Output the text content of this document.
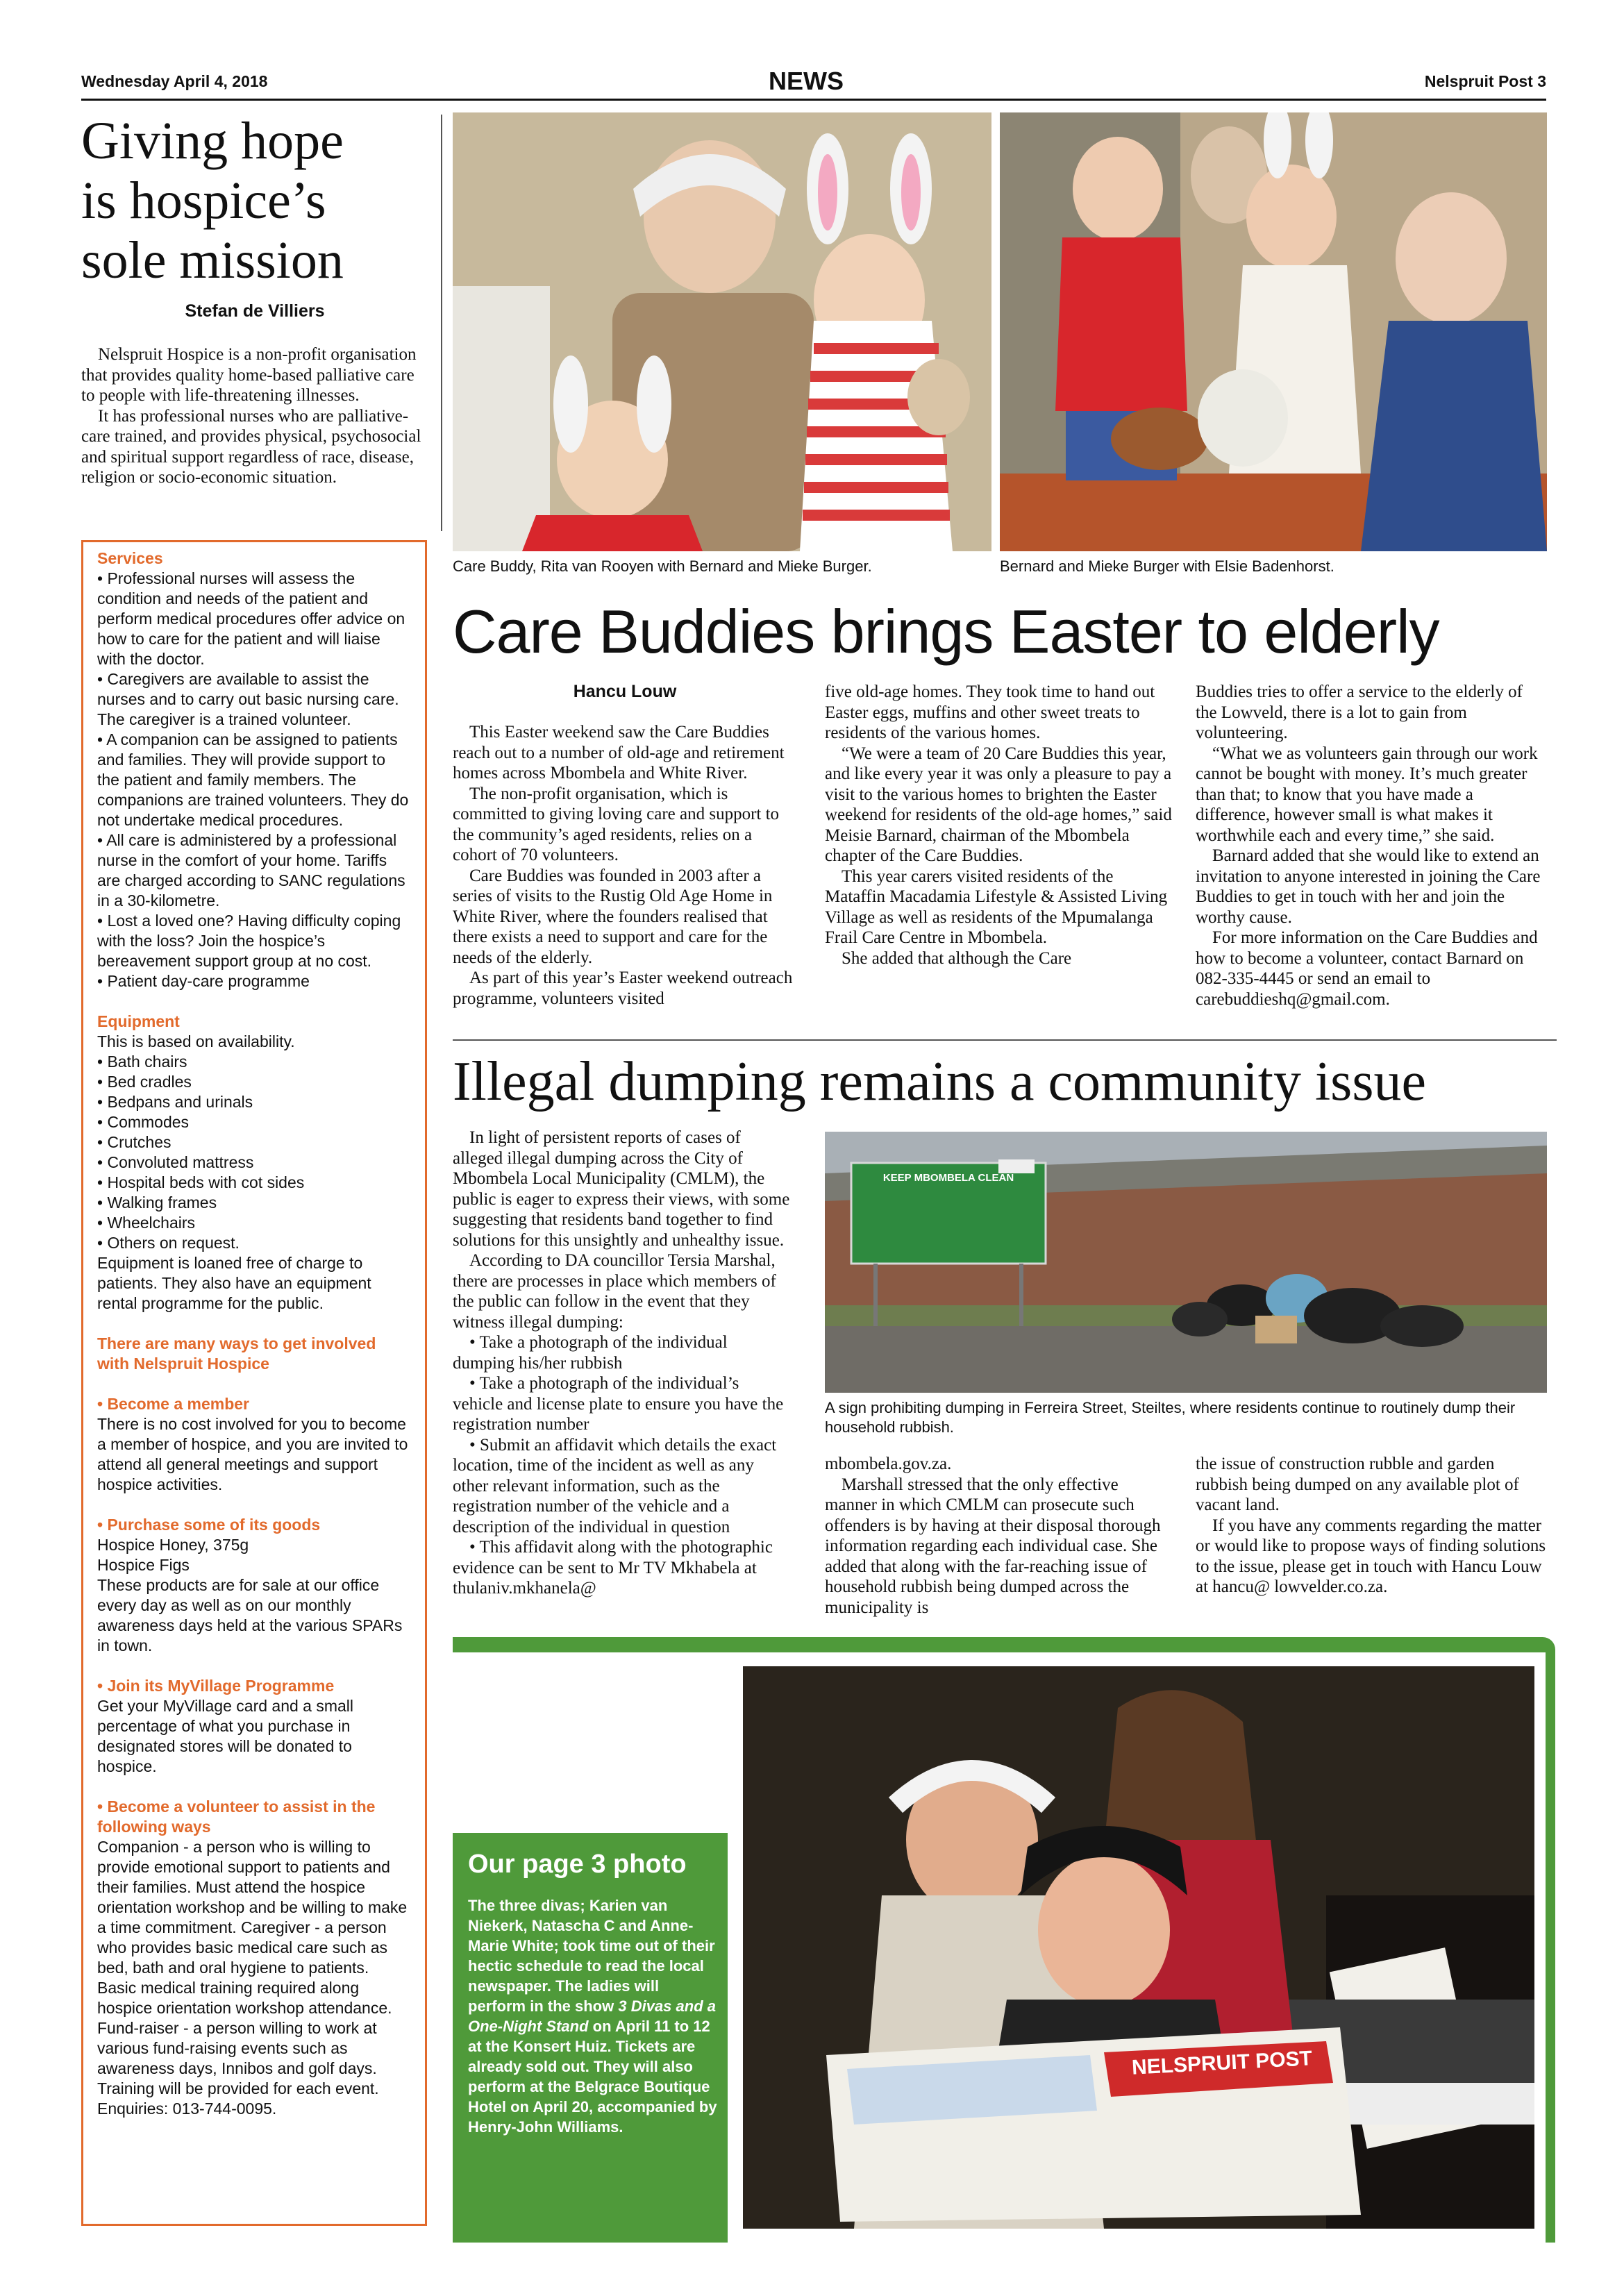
Wednesday April 4, 2018	NEWS	Nelspruit Post 3
Giving hope
is hospice’s
sole mission
Stefan de Villiers

Nelspruit Hospice is a non-profit organisation that provides quality home-based palliative care to people with life-threatening illnesses.

It has professional nurses who are palliative-care trained, and provides physical, psychosocial and spiritual support regardless of race, disease, religion or socio-economic situation.

Services
• Professional nurses will assess the condition and needs of the patient and perform medical procedures offer advice on how to care for the patient and will liaise with the doctor.
• Caregivers are available to assist the nurses and to carry out basic nursing care. The caregiver is a trained volunteer.
• A companion can be assigned to patients and families. They will provide support to the patient and family members. The companions are trained volunteers. They do not undertake medical procedures.
• All care is administered by a professional nurse in the comfort of your home. Tariffs are charged according to SANC regulations in a 30-kilometre.
• Lost a loved one? Having difficulty coping with the loss? Join the hospice’s bereavement support group at no cost.
• Patient day-care programme
Equipment
This is based on availability.
• Bath chairs
• Bed cradles
• Bedpans and urinals
• Commodes
• Crutches
• Convoluted mattress
• Hospital beds with cot sides
• Walking frames
• Wheelchairs
• Others on request.
Equipment is loaned free of charge to patients. They also have an equipment rental programme for the public.
There are many ways to get involved with Nelspruit Hospice
• Become a member
There is no cost involved for you to become a member of hospice, and you are invited to attend all general meetings and support hospice activities.
• Purchase some of its goods
Hospice Honey, 375g
Hospice Figs
These products are for sale at our office every day as well as on our monthly awareness days held at the various SPARs in town.
• Join its MyVillage Programme
Get your MyVillage card and a small percentage of what you purchase in designated stores will be donated to hospice.
• Become a volunteer to assist in the following ways
Companion - a person who is willing to provide emotional support to patients and their families. Must attend the hospice orientation workshop and be willing to make a time commitment. Caregiver - a person who provides basic medical care such as bed, bath and oral hygiene to patients. Basic medical training required along hospice orientation workshop attendance. Fund-raiser - a person willing to work at various fund-raising events such as awareness days, Innibos and golf days. Training will be provided for each event. Enquiries: 013-744-0095.
Care Buddy, Rita van Rooyen with Bernard and Mieke Burger.	Bernard and Mieke Burger with Elsie Badenhorst.
Care Buddies brings Easter to elderly
Hancu Louw

This Easter weekend saw the Care Buddies reach out to a number of old-age and retirement homes across Mbombela and White River.

The non-profit organisation, which is committed to giving loving care and support to the community’s aged residents, relies on a cohort of 70 volunteers.

Care Buddies was founded in 2003 after a series of visits to the Rustig Old Age Home in White River, where the founders realised that there exists a need to support and care for the needs of the elderly.

As part of this year’s Easter weekend outreach programme, volunteers visited

five old-age homes. They took time to hand out Easter eggs, muffins and other sweet treats to residents of the various homes.

“We were a team of 20 Care Buddies this year, and like every year it was only a pleasure to pay a visit to the various homes to brighten the Easter weekend for residents of the old-age homes,” said Meisie Barnard, chairman of the Mbombela chapter of the Care Buddies.

This year carers visited residents of the Mataffin Macadamia Lifestyle & Assisted Living Village as well as residents of the Mpumalanga Frail Care Centre in Mbombela.

She added that although the Care

Buddies tries to offer a service to the elderly of the Lowveld, there is a lot to gain from volunteering.

“What we as volunteers gain through our work cannot be bought with money. It’s much greater than that; to know that you have made a difference, however small is what makes it worthwhile each and every time,” she said.

Barnard added that she would like to extend an invitation to anyone interested in joining the Care Buddies to get in touch with her and join the worthy cause.

For more information on the Care Buddies and how to become a volunteer, contact Barnard on 082-335-4445 or send an email to carebuddieshq@gmail.com.

Illegal dumping remains a community issue

In light of persistent reports of cases of alleged illegal dumping across the City of Mbombela Local Municipality (CMLM), the public is eager to express their views, with some suggesting that residents band together to find solutions for this unsightly and unhealthy issue.

According to DA councillor Tersia Marshal, there are processes in place which members of the public can follow in the event that they witness illegal dumping:

• Take a photograph of the individual dumping his/her rubbish

• Take a photograph of the individual’s vehicle and license plate to ensure you have the registration number

• Submit an affidavit which details the exact location, time of the incident as well as any other relevant information, such as the registration number of the vehicle and a description of the individual in question

• This affidavit along with the photographic evidence can be sent to Mr TV Mkhabela at thulaniv.mkhanela@

KEEP MBOMBELA CLEAN
A sign prohibiting dumping in Ferreira Street, Steiltes, where residents continue to routinely dump their household rubbish.

mbombela.gov.za.

Marshall stressed that the only effective manner in which CMLM can prosecute such offenders is by having at their disposal thorough information regarding each individual case. She added that along with the far-reaching issue of household rubbish being dumped across the municipality is

the issue of construction rubble and garden rubbish being dumped on any available plot of vacant land.

If you have any comments regarding the matter or would like to propose ways of finding solutions to the issue, please get in touch with Hancu Louw at hancu@ lowvelder.co.za.

Our page 3 photo
The three divas; Karien van Niekerk, Natascha C and Anne-Marie White; took time out of their hectic schedule to read the local newspaper. The ladies will perform in the show 3 Divas and a One-Night Stand on April 11 to 12 at the Konsert Huiz. Tickets are already sold out. They will also perform at the Belgrace Boutique Hotel on April 20, accompanied by Henry-John Williams.
NELSPRUIT POST
